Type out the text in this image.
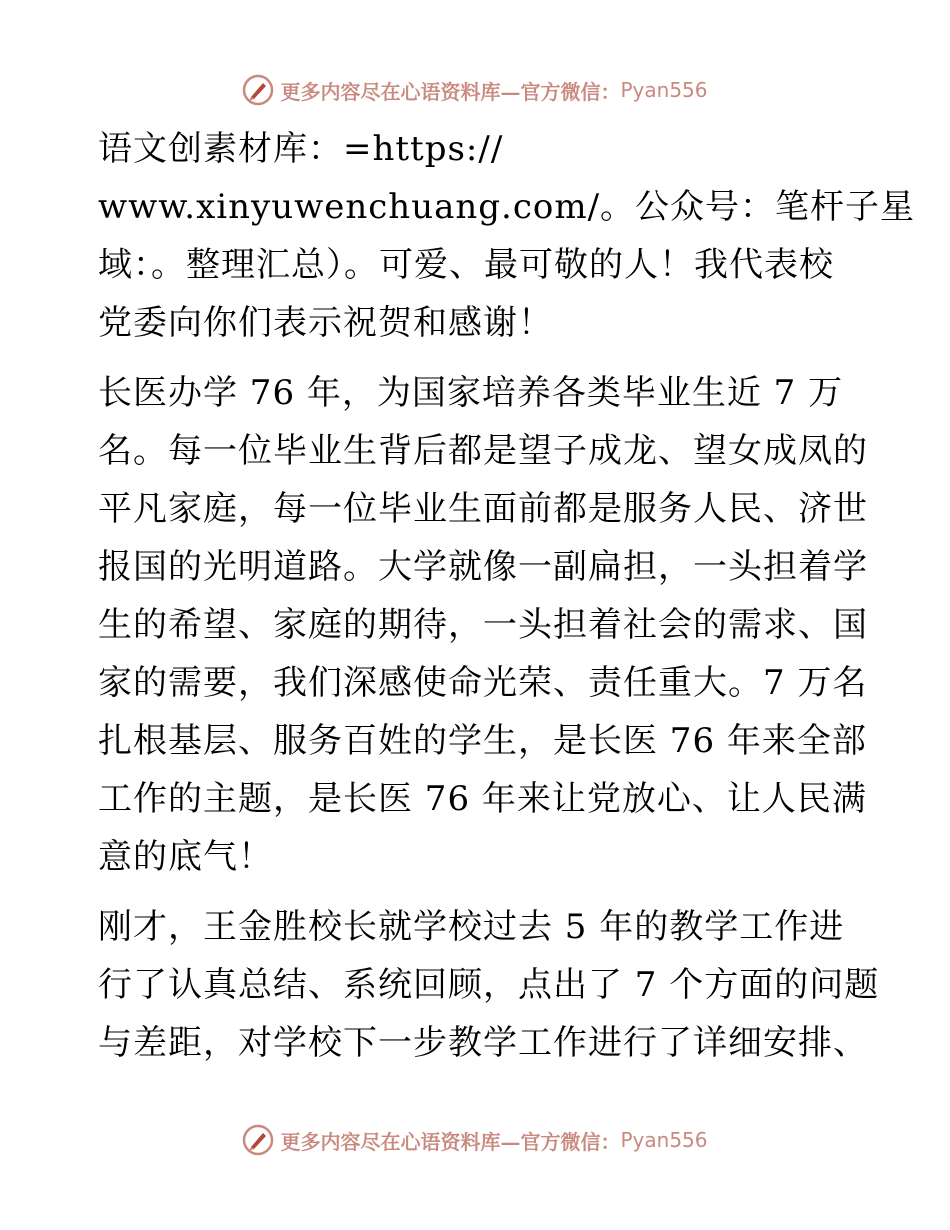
更多内容尽在心语资料库—官方微信： Pyan556
语文创素材库：=https://
www.xinyuwenchuang.com/。公众号：笔杆子星
域：。整理汇总）。可爱、最可敬的人！我代表校
党委向你们表示祝贺和感谢！
长医办学 76 年，为国家培养各类毕业生近 7 万
名。每一位毕业生背后都是望子成龙、望女成凤的
平凡家庭，每一位毕业生面前都是服务人民、济世
报国的光明道路。大学就像一副扁担，一头担着学
生的希望、家庭的期待，一头担着社会的需求、国
家的需要，我们深感使命光荣、责任重大。7 万名
扎根基层、服务百姓的学生，是长医 76 年来全部
工作的主题，是长医 76 年来让党放心、让人民满
意的底气！
刚才，王金胜校长就学校过去 5 年的教学工作进
行了认真总结、系统回顾，点出了 7 个方面的问题
与差距，对学校下一步教学工作进行了详细安排、
更多内容尽在心语资料库—官方微信： Pyan556
